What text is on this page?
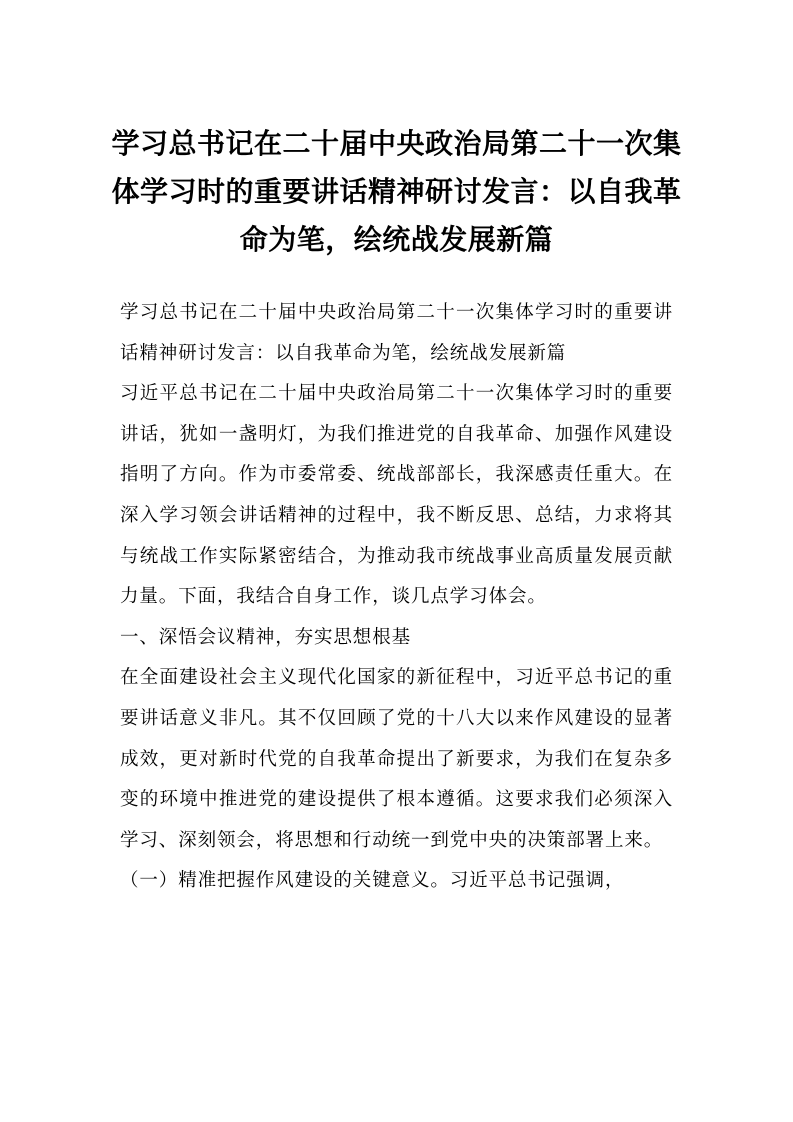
学习总书记在二十届中央政治局第二十一次集体学习时的重要讲话精神研讨发言：以自我革命为笔，绘统战发展新篇

学习总书记在二十届中央政治局第二十一次集体学习时的重要讲话精神研讨发言：以自我革命为笔，绘统战发展新篇

习近平总书记在二十届中央政治局第二十一次集体学习时的重要讲话，犹如一盏明灯，为我们推进党的自我革命、加强作风建设指明了方向。作为市委常委、统战部部长，我深感责任重大。在深入学习领会讲话精神的过程中，我不断反思、总结，力求将其与统战工作实际紧密结合，为推动我市统战事业高质量发展贡献力量。下面，我结合自身工作，谈几点学习体会。

一、深悟会议精神，夯实思想根基

在全面建设社会主义现代化国家的新征程中，习近平总书记的重要讲话意义非凡。其不仅回顾了党的十八大以来作风建设的显著成效，更对新时代党的自我革命提出了新要求，为我们在复杂多变的环境中推进党的建设提供了根本遵循。这要求我们必须深入学习、深刻领会，将思想和行动统一到党中央的决策部署上来。

（一）精准把握作风建设的关键意义。习近平总书记强调，
